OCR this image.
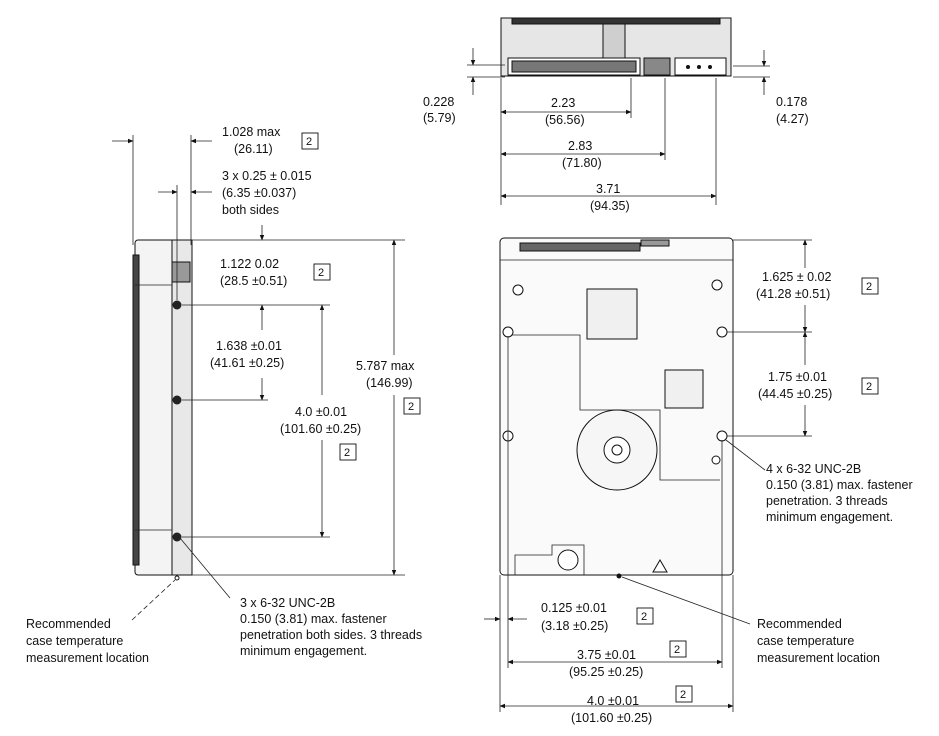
0.228
(5.79)
2.23
(56.56)
2.83
(71.80)
3.71
(94.35)
0.178
(4.27)
1.028 max
(26.11)	2
3 x 0.25 ± 0.015
(6.35 ±0.037)
both sides
1.122 0.02
(28.5 ±0.51)
2
1.638 ±0.01
(41.61 ±0.25)
4.0 ±0.01
(101.60 ±0.25)
2
5.787 max
(146.99)
2
3 x 6-32 UNC-2B
0.150 (3.81) max. fastener
penetration both sides. 3 threads
minimum engagement.
Recommended
case temperature
measurement location
1.625 ± 0.02
(41.28 ±0.51)	2
1.75 ±0.01
(44.45 ±0.25)	2
4 x 6-32 UNC-2B
0.150 (3.81) max. fastener
penetration. 3 threads
minimum engagement.
0.125 ±0.01
(3.18 ±0.25)
2
3.75 ±0.01
(95.25 ±0.25)
2
4.0 ±0.01
(101.60 ±0.25)
2
Recommended
case temperature
measurement location
